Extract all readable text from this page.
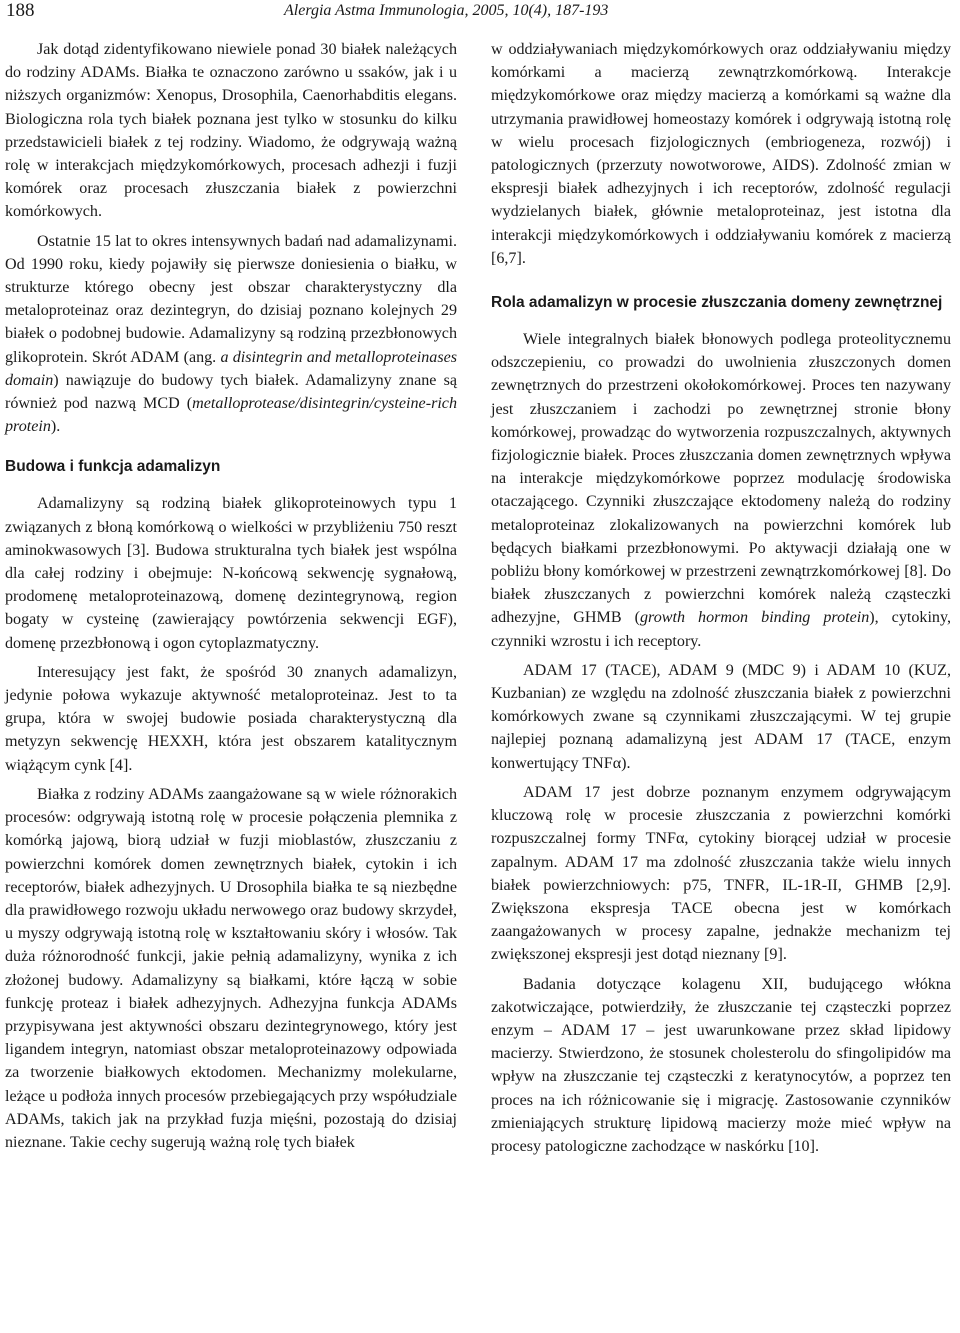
188	Alergia Astma Immunologia, 2005, 10(4), 187-193

Jak dotąd zidentyfikowano niewiele ponad 30 białek należących do rodziny ADAMs. Białka te oznaczono zarówno u ssaków, jak i u niższych organizmów: Xenopus, Drosophila, Caenorhabditis elegans. Biologiczna rola tych białek poznana jest tylko w stosunku do kilku przedstawicieli białek z tej rodziny. Wiadomo, że odgrywają ważną rolę w interakcjach międzykomórkowych, procesach adhezji i fuzji komórek oraz procesach złuszczania białek z powierzchni komórkowych.

Ostatnie 15 lat to okres intensywnych badań nad adamalizynami. Od 1990 roku, kiedy pojawiły się pierwsze doniesienia o białku, w strukturze którego obecny jest obszar charakterystyczny dla metaloproteinaz oraz dezintegryn, do dzisiaj poznano kolejnych 29 białek o podobnej budowie. Adamalizyny są rodziną przezbłonowych glikoprotein. Skrót ADAM (ang. a disintegrin and metalloproteinases domain) nawiązuje do budowy tych białek. Adamalizyny znane są również pod nazwą MCD (metalloprotease/disintegrin/cysteine-rich protein).

Budowa i funkcja adamalizyn

Adamalizyny są rodziną białek glikoproteinowych typu 1 związanych z błoną komórkową o wielkości w przybliżeniu 750 reszt aminokwasowych [3]. Budowa strukturalna tych białek jest wspólna dla całej rodziny i obejmuje: N-końcową sekwencję sygnałową, prodomenę metaloproteinazową, domenę dezintegrynową, region bogaty w cysteinę (zawierający powtórzenia sekwencji EGF), domenę przezbłonową i ogon cytoplazmatyczny.

Interesujący jest fakt, że spośród 30 znanych adamalizyn, jedynie połowa wykazuje aktywność metaloproteinaz. Jest to ta grupa, która w swojej budowie posiada charakterystyczną dla metyzyn sekwencję HEXXH, która jest obszarem katalitycznym wiążącym cynk [4].

Białka z rodziny ADAMs zaangażowane są w wiele różnorakich procesów: odgrywają istotną rolę w procesie połączenia plemnika z komórką jajową, biorą udział w fuzji mioblastów, złuszczaniu z powierzchni komórek domen zewnętrznych białek, cytokin i ich receptorów, białek adhezyjnych. U Drosophila białka te są niezbędne dla prawidłowego rozwoju układu nerwowego oraz budowy skrzydeł, u myszy odgrywają istotną rolę w kształtowaniu skóry i włosów. Tak duża różnorodność funkcji, jakie pełnią adamalizyny, wynika z ich złożonej budowy. Adamalizyny są białkami, które łączą w sobie funkcję proteaz i białek adhezyjnych. Adhezyjna funkcja ADAMs przypisywana jest aktywności obszaru dezintegrynowego, który jest ligandem integryn, natomiast obszar metaloproteinazowy odpowiada za tworzenie białkowych ektodomen. Mechanizmy molekularne, leżące u podłoża innych procesów przebiegających przy współudziale ADAMs, takich jak na przykład fuzja mięśni, pozostają do dzisiaj nieznane. Takie cechy sugerują ważną rolę tych białek

w oddziaływaniach międzykomórkowych oraz oddziaływaniu między komórkami a macierzą zewnątrzkomórkową. Interakcje międzykomórkowe oraz między macierzą a komórkami są ważne dla utrzymania prawidłowej homeostazy komórek i odgrywają istotną rolę w wielu procesach fizjologicznych (embriogeneza, rozwój) i patologicznych (przerzuty nowotworowe, AIDS). Zdolność zmian w ekspresji białek adhezyjnych i ich receptorów, zdolność regulacji wydzielanych białek, głównie metaloproteinaz, jest istotna dla interakcji międzykomórkowych i oddziaływaniu komórek z macierzą [6,7].

Rola adamalizyn w procesie złuszczania domeny zewnętrznej

Wiele integralnych białek błonowych podlega proteolitycznemu odszczepieniu, co prowadzi do uwolnienia złuszczonych domen zewnętrznych do przestrzeni okołokomórkowej. Proces ten nazywany jest złuszczaniem i zachodzi po zewnętrznej stronie błony komórkowej, prowadząc do wytworzenia rozpuszczalnych, aktywnych fizjologicznie białek. Proces złuszczania domen zewnętrznych wpływa na interakcje międzykomórkowe poprzez modulację środowiska otaczającego. Czynniki złuszczające ektodomeny należą do rodziny metaloproteinaz zlokalizowanych na powierzchni komórek lub będących białkami przezbłonowymi. Po aktywacji działają one w pobliżu błony komórkowej w przestrzeni zewnątrzkomórkowej [8]. Do białek złuszczanych z powierzchni komórek należą cząsteczki adhezyjne, GHMB (growth hormon binding protein), cytokiny, czynniki wzrostu i ich receptory.

ADAM 17 (TACE), ADAM 9 (MDC 9) i ADAM 10 (KUZ, Kuzbanian) ze względu na zdolność złuszczania białek z powierzchni komórkowych zwane są czynnikami złuszczającymi. W tej grupie najlepiej poznaną adamalizyną jest ADAM 17 (TACE, enzym konwertujący TNFα).

ADAM 17 jest dobrze poznanym enzymem odgrywającym kluczową rolę w procesie złuszczania z powierzchni komórki rozpuszczalnej formy TNFα, cytokiny biorącej udział w procesie zapalnym. ADAM 17 ma zdolność złuszczania także wielu innych białek powierzchniowych: p75, TNFR, IL-1R-II, GHMB [2,9]. Zwiększona ekspresja TACE obecna jest w komórkach zaangażowanych w procesy zapalne, jednakże mechanizm tej zwiększonej ekspresji jest dotąd nieznany [9].

Badania dotyczące kolagenu XII, budującego włókna zakotwiczające, potwierdziły, że złuszczanie tej cząsteczki poprzez enzym – ADAM 17 – jest uwarunkowane przez skład lipidowy macierzy. Stwierdzono, że stosunek cholesterolu do sfingolipidów ma wpływ na złuszczanie tej cząsteczki z keratynocytów, a poprzez ten proces na ich różnicowanie się i migrację. Zastosowanie czynników zmieniających strukturę lipidową macierzy może mieć wpływ na procesy patologiczne zachodzące w naskórku [10].
